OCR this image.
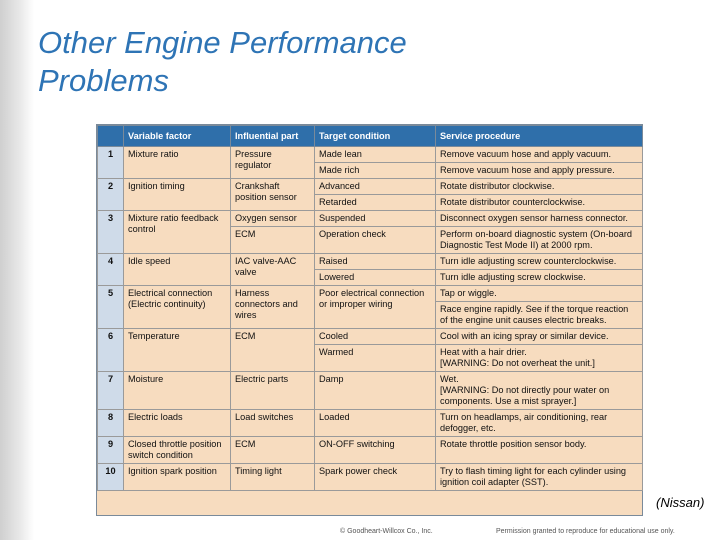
Other Engine Performance Problems
	Variable factor	Influential part	Target condition	Service procedure
1	Mixture ratio	Pressure regulator	Made lean	Remove vacuum hose and apply vacuum.
			Made rich	Remove vacuum hose and apply pressure.
2	Ignition timing	Crankshaft position sensor	Advanced	Rotate distributor clockwise.
			Retarded	Rotate distributor counterclockwise.
3	Mixture ratio feedback control	Oxygen sensor	Suspended	Disconnect oxygen sensor harness connector.
		ECM	Operation check	Perform on-board diagnostic system (On-board Diagnostic Test Mode II) at 2000 rpm.
4	Idle speed	IAC valve-AAC valve	Raised	Turn idle adjusting screw counterclockwise.
			Lowered	Turn idle adjusting screw clockwise.
5	Electrical connection (Electric continuity)	Harness connectors and wires	Poor electrical connection or improper wiring	Tap or wiggle.
				Race engine rapidly. See if the torque reaction of the engine unit causes electric breaks.
6	Temperature	ECM	Cooled	Cool with an icing spray or similar device.
			Warmed	Heat with a hair drier.
[WARNING: Do not overheat the unit.]

7	Moisture	Electric parts	Damp	Wet.
[WARNING: Do not directly pour water on components. Use a mist sprayer.]

8	Electric loads	Load switches	Loaded	Turn on headlamps, air conditioning, rear defogger, etc.
9	Closed throttle position switch condition	ECM	ON-OFF switching	Rotate throttle position sensor body.
10	Ignition spark position	Timing light	Spark power check	Try to flash timing light for each cylinder using ignition coil adapter (SST).
(Nissan)
© Goodheart-Willcox Co., Inc.	Permission granted to reproduce for educational use only.
